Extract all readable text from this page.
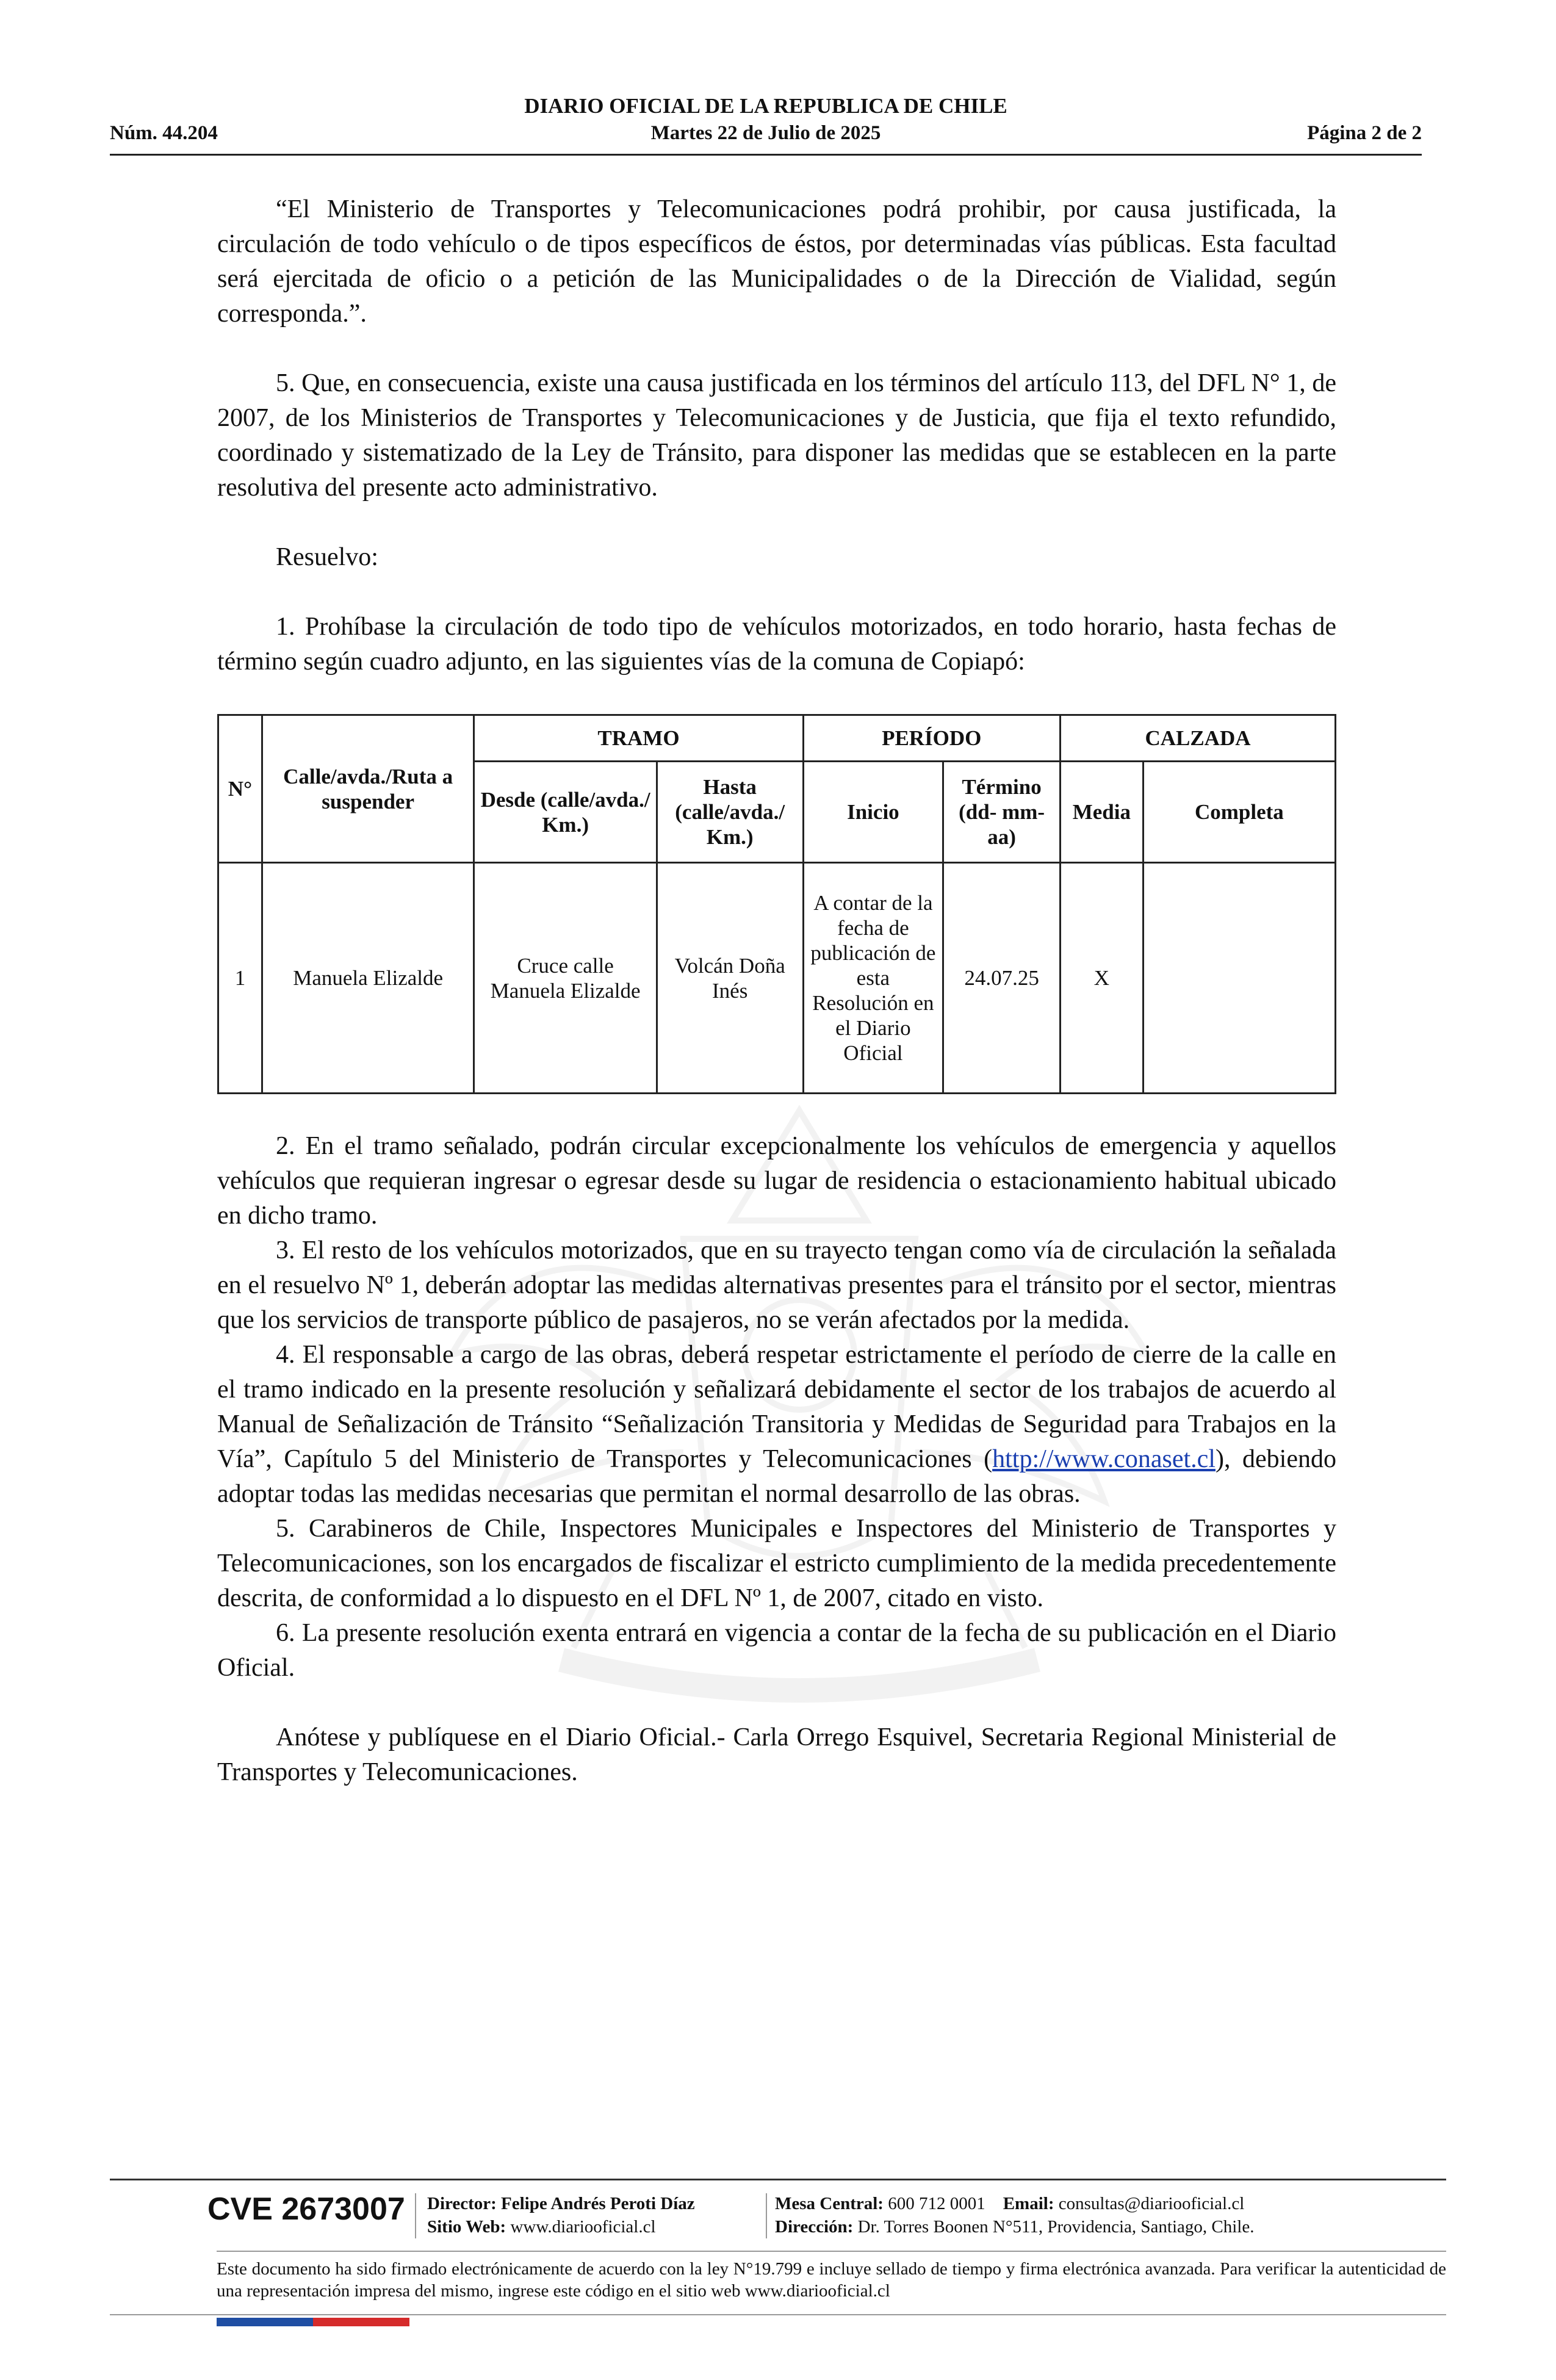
DIARIO OFICIAL DE LA REPUBLICA DE CHILE
Núm. 44.204	Martes 22 de Julio de 2025	Página 2 de 2

“El Ministerio de Transportes y Telecomunicaciones podrá prohibir, por causa justificada, la circulación de todo vehículo o de tipos específicos de éstos, por determinadas vías públicas. Esta facultad será ejercitada de oficio o a petición de las Municipalidades o de la Dirección de Vialidad, según corresponda.”.

5. Que, en consecuencia, existe una causa justificada en los términos del artículo 113, del DFL N° 1, de 2007, de los Ministerios de Transportes y Telecomunicaciones y de Justicia, que fija el texto refundido, coordinado y sistematizado de la Ley de Tránsito, para disponer las medidas que se establecen en la parte resolutiva del presente acto administrativo.

Resuelvo:

1. Prohíbase la circulación de todo tipo de vehículos motorizados, en todo horario, hasta fechas de término según cuadro adjunto, en las siguientes vías de la comuna de Copiapó:

N°	Calle/avda./Ruta a suspender	TRAMO		PERÍODO		CALZADA	
		Desde (calle/avda./ Km.)	Hasta (calle/avda./ Km.)	Inicio	Término (dd- mm-aa)	Media	Completa
1	Manuela Elizalde	Cruce calle Manuela Elizalde	Volcán Doña Inés	A contar de la fecha de publicación de esta Resolución en el Diario Oficial	24.07.25	X	

2. En el tramo señalado, podrán circular excepcionalmente los vehículos de emergencia y aquellos vehículos que requieran ingresar o egresar desde su lugar de residencia o estacionamiento habitual ubicado en dicho tramo.

3. El resto de los vehículos motorizados, que en su trayecto tengan como vía de circulación la señalada en el resuelvo Nº 1, deberán adoptar las medidas alternativas presentes para el tránsito por el sector, mientras que los servicios de transporte público de pasajeros, no se verán afectados por la medida.

4. El responsable a cargo de las obras, deberá respetar estrictamente el período de cierre de la calle en el tramo indicado en la presente resolución y señalizará debidamente el sector de los trabajos de acuerdo al Manual de Señalización de Tránsito “Señalización Transitoria y Medidas de Seguridad para Trabajos en la Vía”, Capítulo 5 del Ministerio de Transportes y Telecomunicaciones (http://www.conaset.cl), debiendo adoptar todas las medidas necesarias que permitan el normal desarrollo de las obras.

5. Carabineros de Chile, Inspectores Municipales e Inspectores del Ministerio de Transportes y Telecomunicaciones, son los encargados de fiscalizar el estricto cumplimiento de la medida precedentemente descrita, de conformidad a lo dispuesto en el DFL Nº 1, de 2007, citado en visto.

6. La presente resolución exenta entrará en vigencia a contar de la fecha de su publicación en el Diario Oficial.

Anótese y publíquese en el Diario Oficial.- Carla Orrego Esquivel, Secretaria Regional Ministerial de Transportes y Telecomunicaciones.

CVE 2673007 Director: Felipe Andrés Peroti Díaz
Sitio Web: www.diariooficial.cl
Mesa Central: 600 712 0001 Email: consultas@diariooficial.cl
Dirección: Dr. Torres Boonen N°511, Providencia, Santiago, Chile.
Este documento ha sido firmado electrónicamente de acuerdo con la ley N°19.799 e incluye sellado de tiempo y firma electrónica avanzada. Para verificar la autenticidad de una representación impresa del mismo, ingrese este código en el sitio web www.diariooficial.cl
